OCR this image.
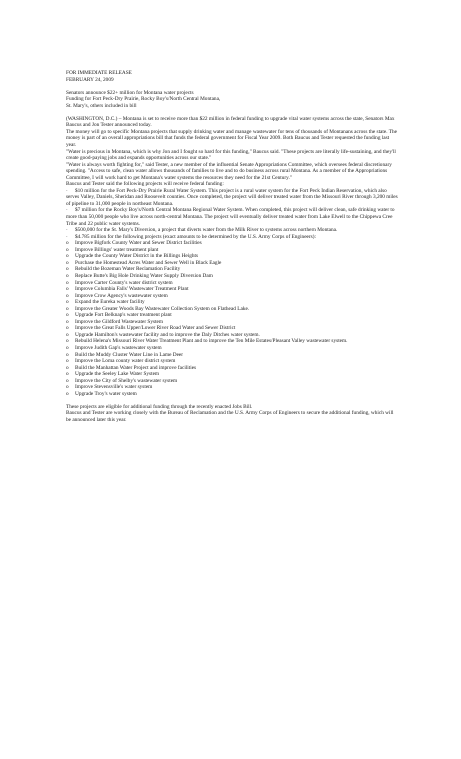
FOR IMMEDIATE RELEASE

FEBRUARY 24, 2009

Senators announce $22+ million for Montana water projects

Funding for Fort Peck-Dry Prairie, Rocky Boy's/North Central Montana,

St. Mary's, others included in bill

(WASHINGTON, D.C.) – Montana is set to receive more than $22 million in federal funding to upgrade vital water systems across the state, Senators Max Baucus and Jon Tester announced today.

The money will go to specific Montana projects that supply drinking water and manage wastewater for tens of thousands of Montanans across the state. The money is part of an overall appropriations bill that funds the federal government for Fiscal Year 2009. Both Baucus and Tester requested the funding last year.

"Water is precious in Montana, which is why Jon and I fought so hard for this funding," Baucus said. "These projects are literally life-sustaining, and they'll create good-paying jobs and expands opportunities across our state."

"Water is always worth fighting for," said Tester, a new member of the influential Senate Appropriations Committee, which oversees federal discretionary spending. "Access to safe, clean water allows thousands of families to live and to do business across rural Montana. As a member of the Appropriations Committee, I will work hard to get Montana's water systems the resources they need for the 21st Century."

Baucus and Tester said the following projects will receive federal funding:

· $10 million for the Fort Peck-Dry Prairie Rural Water System. This project is a rural water system for the Fort Peck Indian Reservation, which also serves Valley, Daniels, Sheridan and Roosevelt counties. Once completed, the project will deliver treated water from the Missouri River through 3,200 miles of pipeline to 31,000 people in northeast Montana.

· $7 million for the Rocky Boy's/North Central Montana Regional Water System. When completed, this project will deliver clean, safe drinking water to more than 50,000 people who live across north-central Montana. The project will eventually deliver treated water from Lake Elwell to the Chippewa Cree Tribe and 22 public water systems.

· $500,000 for the St. Mary's Diversion, a project that diverts water from the Milk River to systems across northern Montana.

· $4.785 million for the following projects (exact amounts to be determined by the U.S. Army Corps of Engineers):

o Improve Bigfork County Water and Sewer District facilities
o Improve Billings' water treatment plant
o Upgrade the County Water District in the Billings Heights
o Purchase the Homestead Acres Water and Sewer Well in Black Eagle
o Rebuild the Bozeman Water Reclamation Facility
o Replace Butte's Big Hole Drinking Water Supply Diversion Dam
o Improve Carter County's water district system
o Improve Columbia Falls' Wastewater Treatment Plant
o Improve Crow Agency's wastewater system
o Expand the Eureka water facility
o Improve the Greater Woods Bay Wastewater Collection System on Flathead Lake.
o Upgrade Fort Belknap's water treatment plant
o Improve the Gildford Wastewater System
o Improve the Great Falls Upper/Lower River Road Water and Sewer District
o Upgrade Hamilton's wastewater facility and to improve the Daly Ditches water system.
o Rebuild Helena's Missouri River Water Treatment Plant and to improve the Ten Mile Estates/Pleasant Valley wastewater system.
o Improve Judith Gap's wastewater system
o Build the Muddy Cluster Water Line in Lame Deer
o Improve the Loma county water district system
o Build the Manhattan Water Project and improve facilities
o Upgrade the Seeley Lake Water System
o Improve the City of Shelby's wastewater system
o Improve Stevensville's water system
o Upgrade Troy's water system

These projects are eligible for additional funding through the recently enacted Jobs Bill.

Baucus and Tester are working closely with the Bureau of Reclamation and the U.S. Army Corps of Engineers to secure the additional funding, which will be announced later this year.
